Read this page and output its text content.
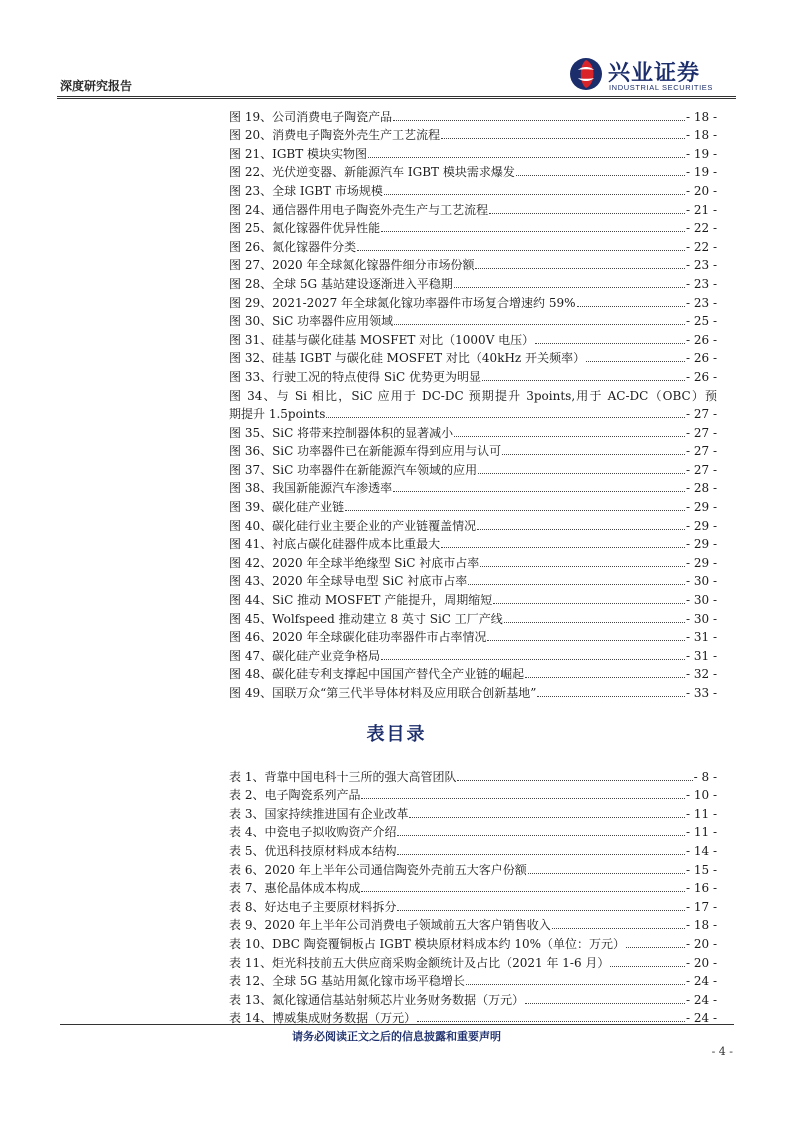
深度研究报告	兴业证券
INDUSTRIAL SECURITIES
图 19、公司消费电子陶瓷产品	- 18 -
图 20、消费电子陶瓷外壳生产工艺流程	- 18 -
图 21、IGBT 模块实物图	- 19 -
图 22、光伏逆变器、新能源汽车 IGBT 模块需求爆发	- 19 -
图 23、全球 IGBT 市场规模	- 20 -
图 24、通信器件用电子陶瓷外壳生产与工艺流程	- 21 -
图 25、氮化镓器件优异性能	- 22 -
图 26、氮化镓器件分类	- 22 -
图 27、2020 年全球氮化镓器件细分市场份额	- 23 -
图 28、全球 5G 基站建设逐渐进入平稳期	- 23 -
图 29、2021-2027 年全球氮化镓功率器件市场复合增速约 59%	- 23 -
图 30、SiC 功率器件应用领域	- 25 -
图 31、硅基与碳化硅基 MOSFET 对比（1000V 电压）	- 26 -
图 32、硅基 IGBT 与碳化硅 MOSFET 对比（40kHz 开关频率）	- 26 -
图 33、行驶工况的特点使得 SiC 优势更为明显	- 26 -
图 34、与 Si 相比，SiC 应用于 DC-DC 预期提升 3points,用于 AC-DC（OBC）预
期提升 1.5points	- 27 -
图 35、SiC 将带来控制器体积的显著减小	- 27 -
图 36、SiC 功率器件已在新能源车得到应用与认可	- 27 -
图 37、SiC 功率器件在新能源汽车领域的应用	- 27 -
图 38、我国新能源汽车渗透率	- 28 -
图 39、碳化硅产业链	- 29 -
图 40、碳化硅行业主要企业的产业链覆盖情况	- 29 -
图 41、衬底占碳化硅器件成本比重最大	- 29 -
图 42、2020 年全球半绝缘型 SiC 衬底市占率	- 29 -
图 43、2020 年全球导电型 SiC 衬底市占率	- 30 -
图 44、SiC 推动 MOSFET 产能提升，周期缩短	- 30 -
图 45、Wolfspeed 推动建立 8 英寸 SiC 工厂产线	- 30 -
图 46、2020 年全球碳化硅功率器件市占率情况	- 31 -
图 47、碳化硅产业竞争格局	- 31 -
图 48、碳化硅专利支撑起中国国产替代全产业链的崛起	- 32 -
图 49、国联万众“第三代半导体材料及应用联合创新基地”	- 33 -
表目录
表 1、背靠中国电科十三所的强大高管团队	- 8 -
表 2、电子陶瓷系列产品	- 10 -
表 3、国家持续推进国有企业改革	- 11 -
表 4、中瓷电子拟收购资产介绍	- 11 -
表 5、优迅科技原材料成本结构	- 14 -
表 6、2020 年上半年公司通信陶瓷外壳前五大客户份额	- 15 -
表 7、惠伦晶体成本构成	- 16 -
表 8、好达电子主要原材料拆分	- 17 -
表 9、2020 年上半年公司消费电子领域前五大客户销售收入	- 18 -
表 10、DBC 陶瓷覆铜板占 IGBT 模块原材料成本约 10%（单位：万元）	- 20 -
表 11、炬光科技前五大供应商采购金额统计及占比（2021 年 1-6 月）	- 20 -
表 12、全球 5G 基站用氮化镓市场平稳增长	- 24 -
表 13、氮化镓通信基站射频芯片业务财务数据（万元）	- 24 -
表 14、博威集成财务数据（万元）	- 24 -
请务必阅读正文之后的信息披露和重要声明
- 4 -
